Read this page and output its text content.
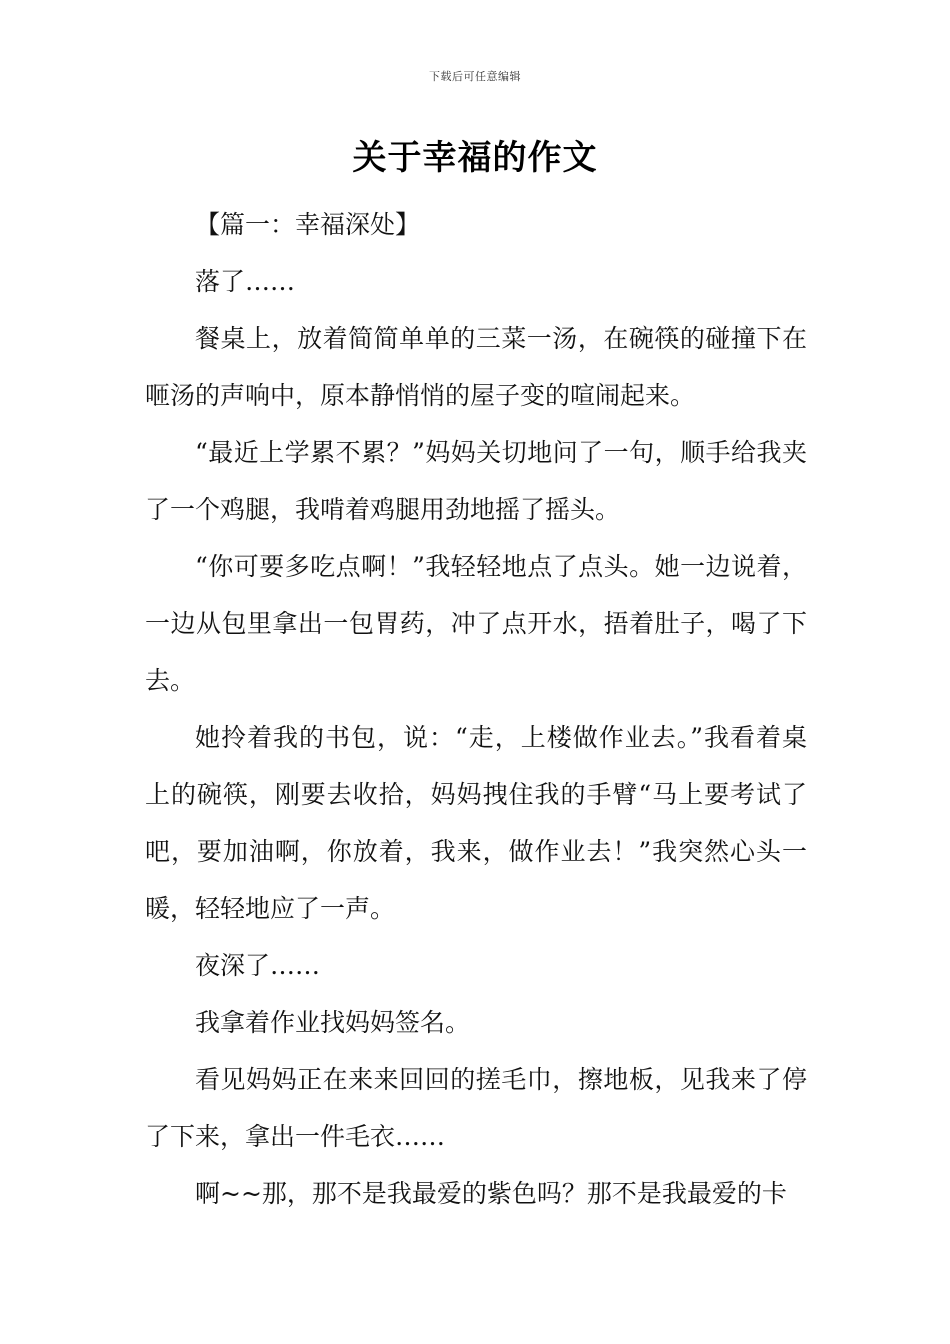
下载后可任意编辑
关于幸福的作文

【篇一：幸福深处】

落了……

餐桌上，放着简简单单的三菜一汤，在碗筷的碰撞下在咂汤的声响中，原本静悄悄的屋子变的喧闹起来。

“最近上学累不累？”妈妈关切地问了一句，顺手给我夹了一个鸡腿，我啃着鸡腿用劲地摇了摇头。

“你可要多吃点啊！”我轻轻地点了点头。她一边说着，一边从包里拿出一包胃药，冲了点开水，捂着肚子，喝了下去。

她拎着我的书包，说：“走，上楼做作业去。”我看着桌上的碗筷，刚要去收拾，妈妈拽住我的手臂“马上要考试了吧，要加油啊，你放着，我来，做作业去！”我突然心头一暖，轻轻地应了一声。

夜深了……

我拿着作业找妈妈签名。

看见妈妈正在来来回回的搓毛巾，擦地板，见我来了停了下来，拿出一件毛衣……

啊~~那，那不是我最爱的紫色吗？那不是我最爱的卡
